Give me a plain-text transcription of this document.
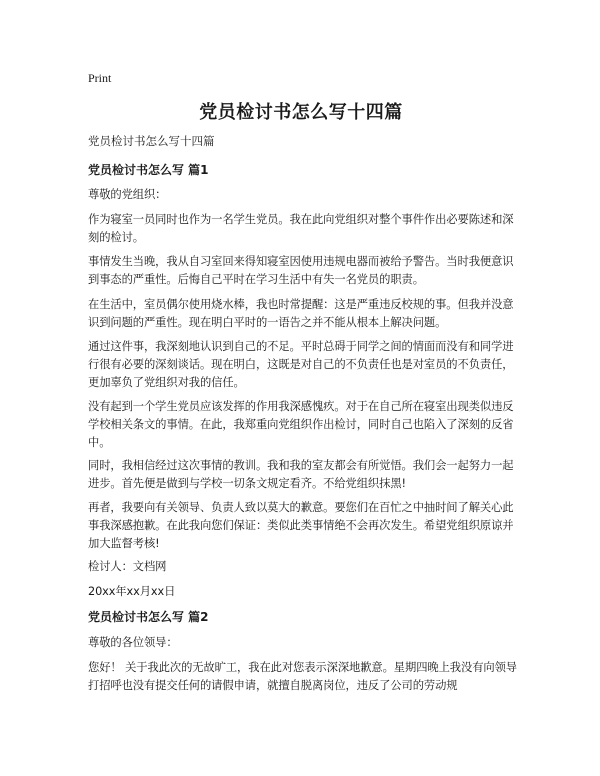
Print
党员检讨书怎么写十四篇
党员检讨书怎么写十四篇
党员检讨书怎么写 篇1
尊敬的党组织：
作为寝室一员同时也作为一名学生党员。我在此向党组织对整个事件作出必要陈述和深刻的检讨。
事情发生当晚，我从自习室回来得知寝室因使用违规电器而被给予警告。当时我便意识到事态的严重性。后悔自己平时在学习生活中有失一名党员的职责。
在生活中，室员偶尔使用烧水棒，我也时常提醒：这是严重违反校规的事。但我并没意识到问题的严重性。现在明白平时的一语告之并不能从根本上解决问题。
通过这件事，我深刻地认识到自己的不足。平时总碍于同学之间的情面而没有和同学进行很有必要的深刻谈话。现在明白，这既是对自己的不负责任也是对室员的不负责任，更加辜负了党组织对我的信任。
没有起到一个学生党员应该发挥的作用我深感愧疚。对于在自己所在寝室出现类似违反学校相关条文的事情。在此，我郑重向党组织作出检讨，同时自己也陷入了深刻的反省中。
同时，我相信经过这次事情的教训。我和我的室友都会有所觉悟。我们会一起努力一起进步。首先便是做到与学校一切条文规定看齐。不给党组织抹黑!
再者，我要向有关领导、负责人致以莫大的歉意。要您们在百忙之中抽时间了解关心此事我深感抱歉。在此我向您们保证：类似此类事情绝不会再次发生。希望党组织原谅并加大监督考核!
检讨人：文档网
20xx年xx月xx日
党员检讨书怎么写 篇2
尊敬的各位领导：
您好！ 关于我此次的无故旷工，我在此对您表示深深地歉意。星期四晚上我没有向领导打招呼也没有提交任何的请假申请，就擅自脱离岗位，违反了公司的劳动规
